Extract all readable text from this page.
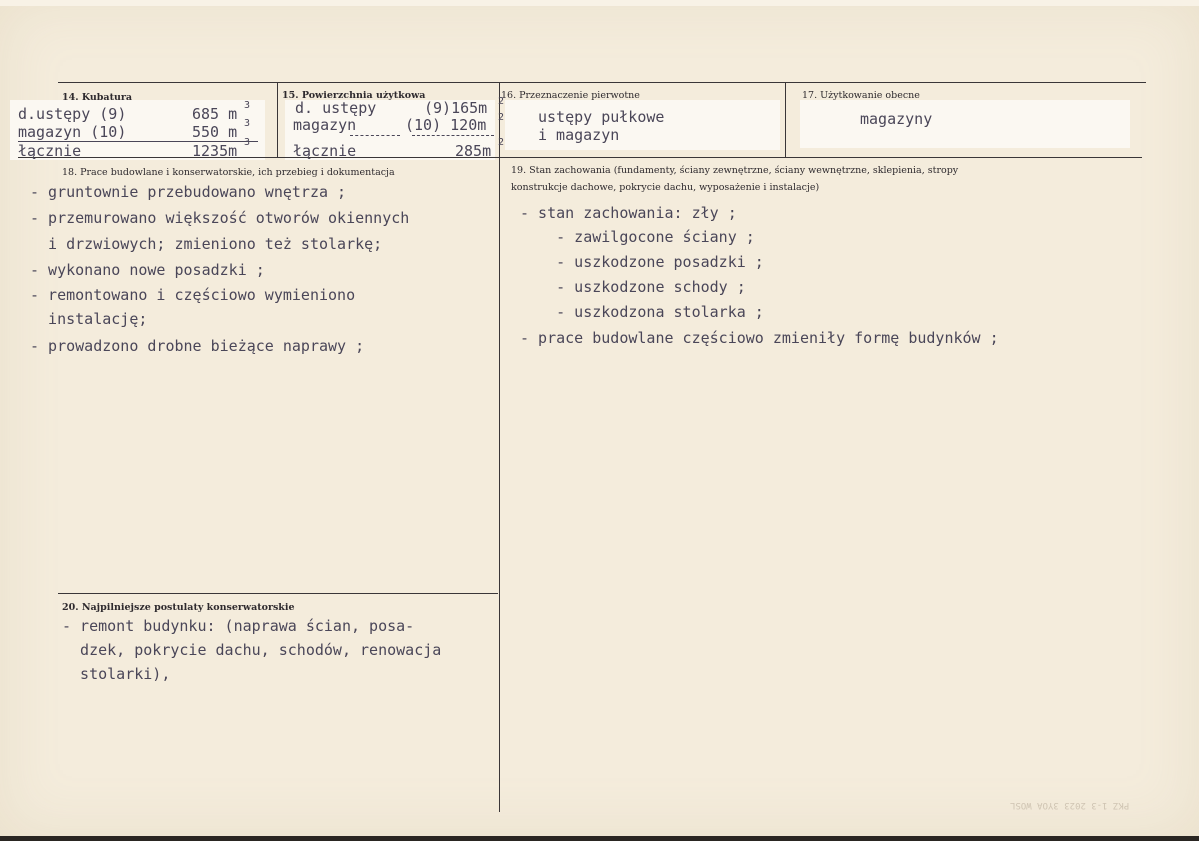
14. Kubatura
d.ustępy (9)	685 m 3
magazyn (10)	550 m 3
łącznie	1235m 3
15. Powierzchnia użytkowa
d. ustępy	(9)165m 2
magazyn	(10) 120m 2
łącznie	285m 2
16. Przeznaczenie pierwotne
ustępy pułkowe
i magazyn
17. Użytkowanie obecne
magazyny
18. Prace budowlane i konserwatorskie, ich przebieg i dokumentacja
- gruntownie przebudowano wnętrza ;
- przemurowano większość otworów okiennych
i drzwiowych; zmieniono też stolarkę;
- wykonano nowe posadzki ;
- remontowano i częściowo wymieniono
instalację;
- prowadzono drobne bieżące naprawy ;
19. Stan zachowania (fundamenty, ściany zewnętrzne, ściany wewnętrzne, sklepienia, stropy
konstrukcje dachowe, pokrycie dachu, wyposażenie i instalacje)
- stan zachowania: zły ;
- zawilgocone ściany ;
- uszkodzone posadzki ;
- uszkodzone schody ;
- uszkodzona stolarka ;
- prace budowlane częściowo zmieniły formę budynków ;
20. Najpilniejsze postulaty konserwatorskie
- remont budynku: (naprawa ścian, posa-
dzek, pokrycie dachu, schodów, renowacja
stolarki),
PKZ 1-3 2023 3YOA WOSL
